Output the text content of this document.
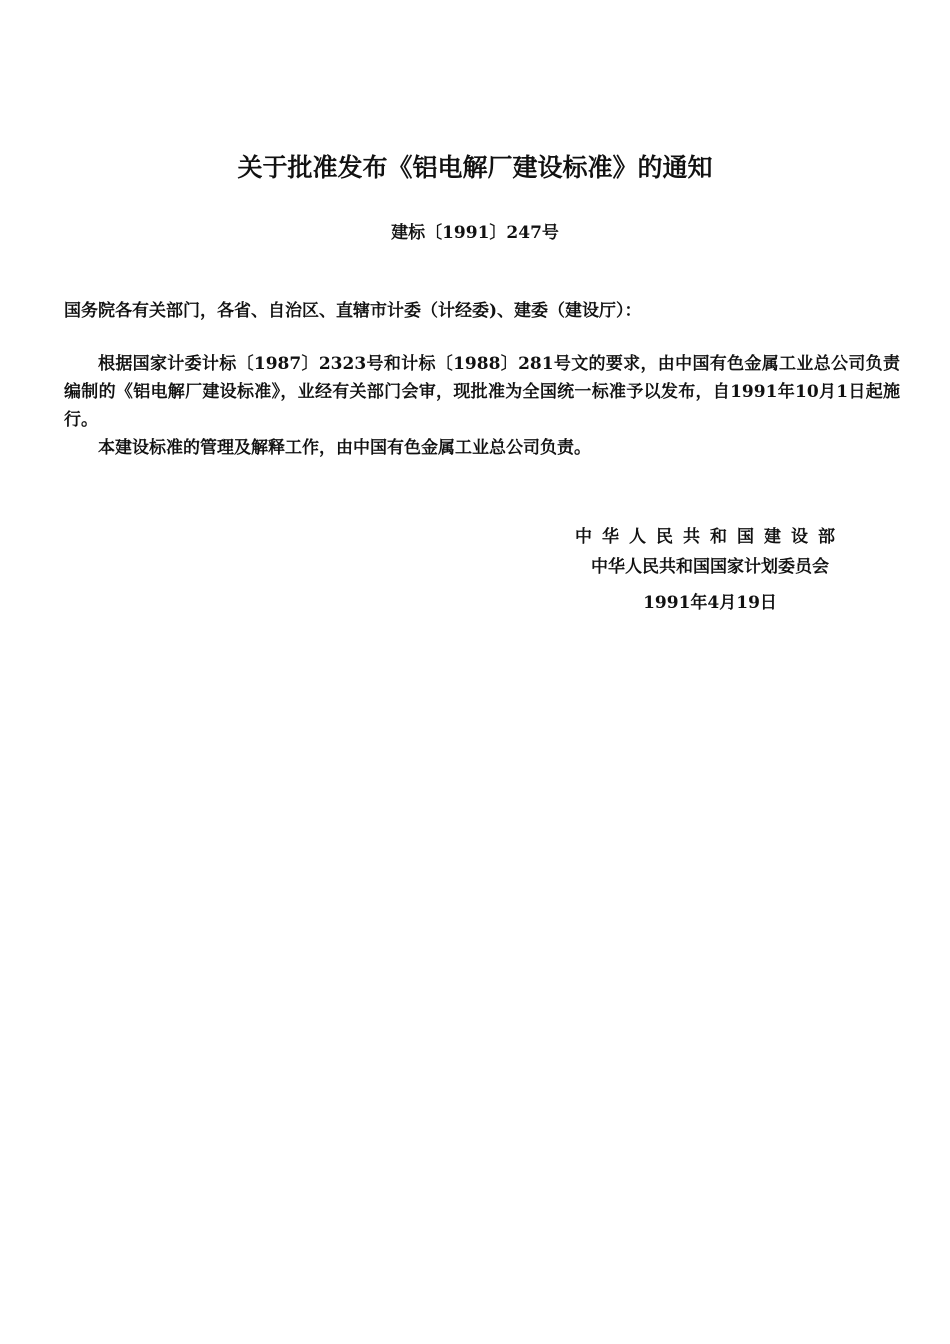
关于批准发布《铝电解厂建设标准》的通知
建标〔1991〕247号
国务院各有关部门，各省、自治区、直辖市计委（计经委)、建委（建设厅）：

根据国家计委计标〔1987〕2323号和计标〔1988〕281号文的要求，由中国有色金属工业总公司负责编制的《铝电解厂建设标准》，业经有关部门会审，现批准为全国统一标准予以发布，自1991年10月1日起施行。

本建设标准的管理及解释工作，由中国有色金属工业总公司负责。

中华人民共和国建设部
中华人民共和国国家计划委员会
1991年4月19日
